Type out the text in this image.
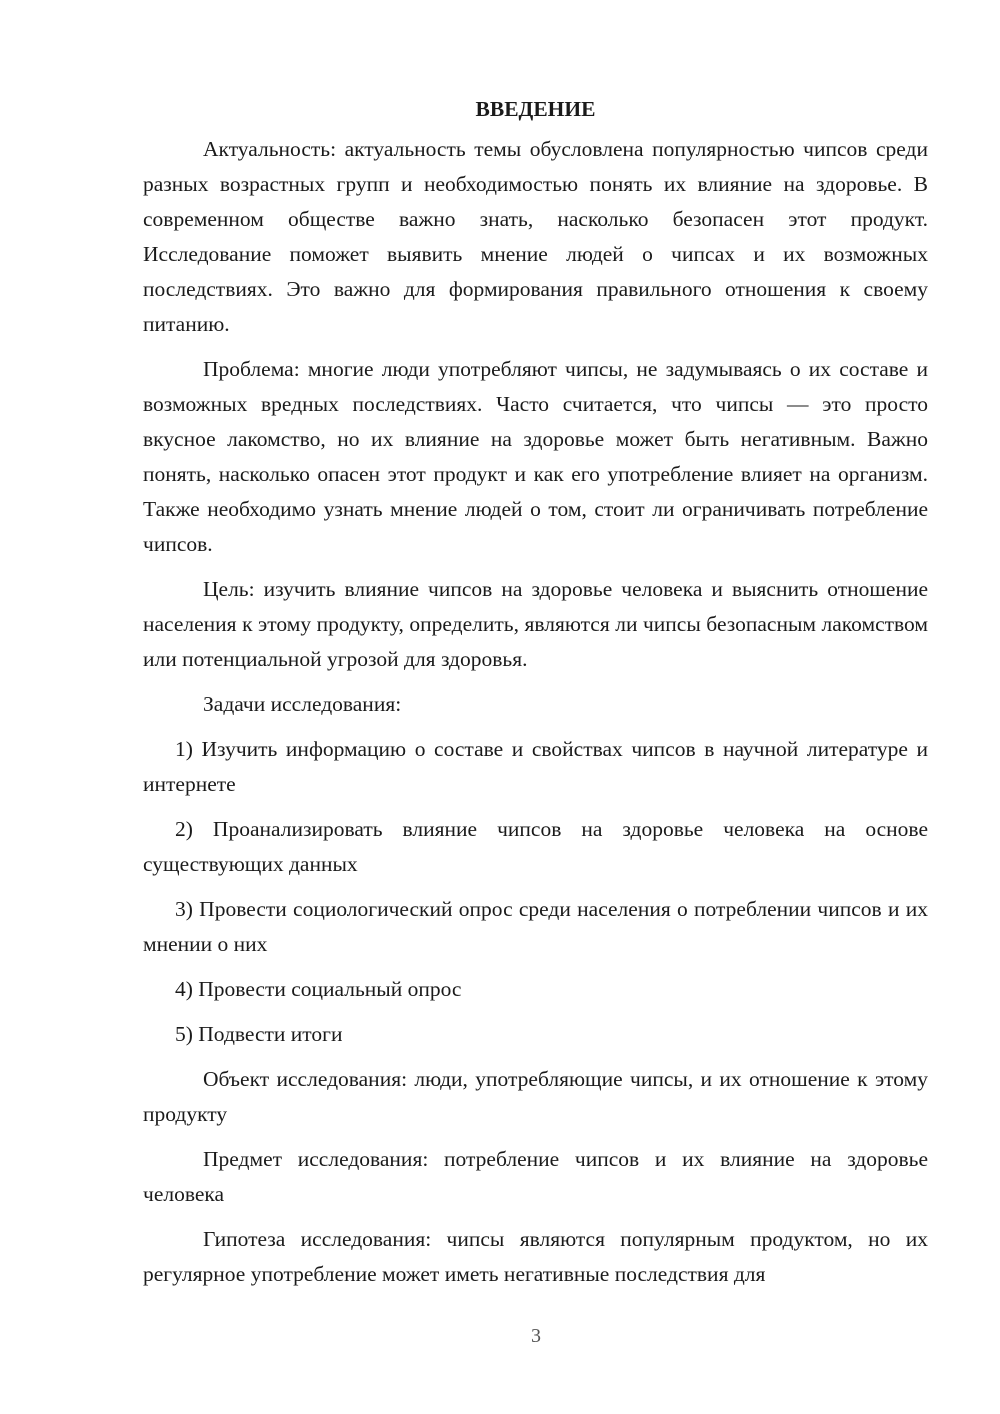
ВВЕДЕНИЕ

Актуальность: актуальность темы обусловлена популярностью чипсов среди разных возрастных групп и необходимостью понять их влияние на здоровье. В современном обществе важно знать, насколько безопасен этот продукт. Исследование поможет выявить мнение людей о чипсах и их возможных последствиях. Это важно для формирования правильного отношения к своему питанию.

Проблема: многие люди употребляют чипсы, не задумываясь о их составе и возможных вредных последствиях. Часто считается, что чипсы — это просто вкусное лакомство, но их влияние на здоровье может быть негативным. Важно понять, насколько опасен этот продукт и как его употребление влияет на организм. Также необходимо узнать мнение людей о том, стоит ли ограничивать потребление чипсов.

Цель: изучить влияние чипсов на здоровье человека и выяснить отношение населения к этому продукту, определить, являются ли чипсы безопасным лакомством или потенциальной угрозой для здоровья.

Задачи исследования:

1) Изучить информацию о составе и свойствах чипсов в научной литературе и интернете

2) Проанализировать влияние чипсов на здоровье человека на основе существующих данных

3) Провести социологический опрос среди населения о потреблении чипсов и их мнении о них

4) Провести социальный опрос

5) Подвести итоги

Объект исследования: люди, употребляющие чипсы, и их отношение к этому продукту

Предмет исследования: потребление чипсов и их влияние на здоровье человека

Гипотеза исследования: чипсы являются популярным продуктом, но их регулярное употребление может иметь негативные последствия для

3
